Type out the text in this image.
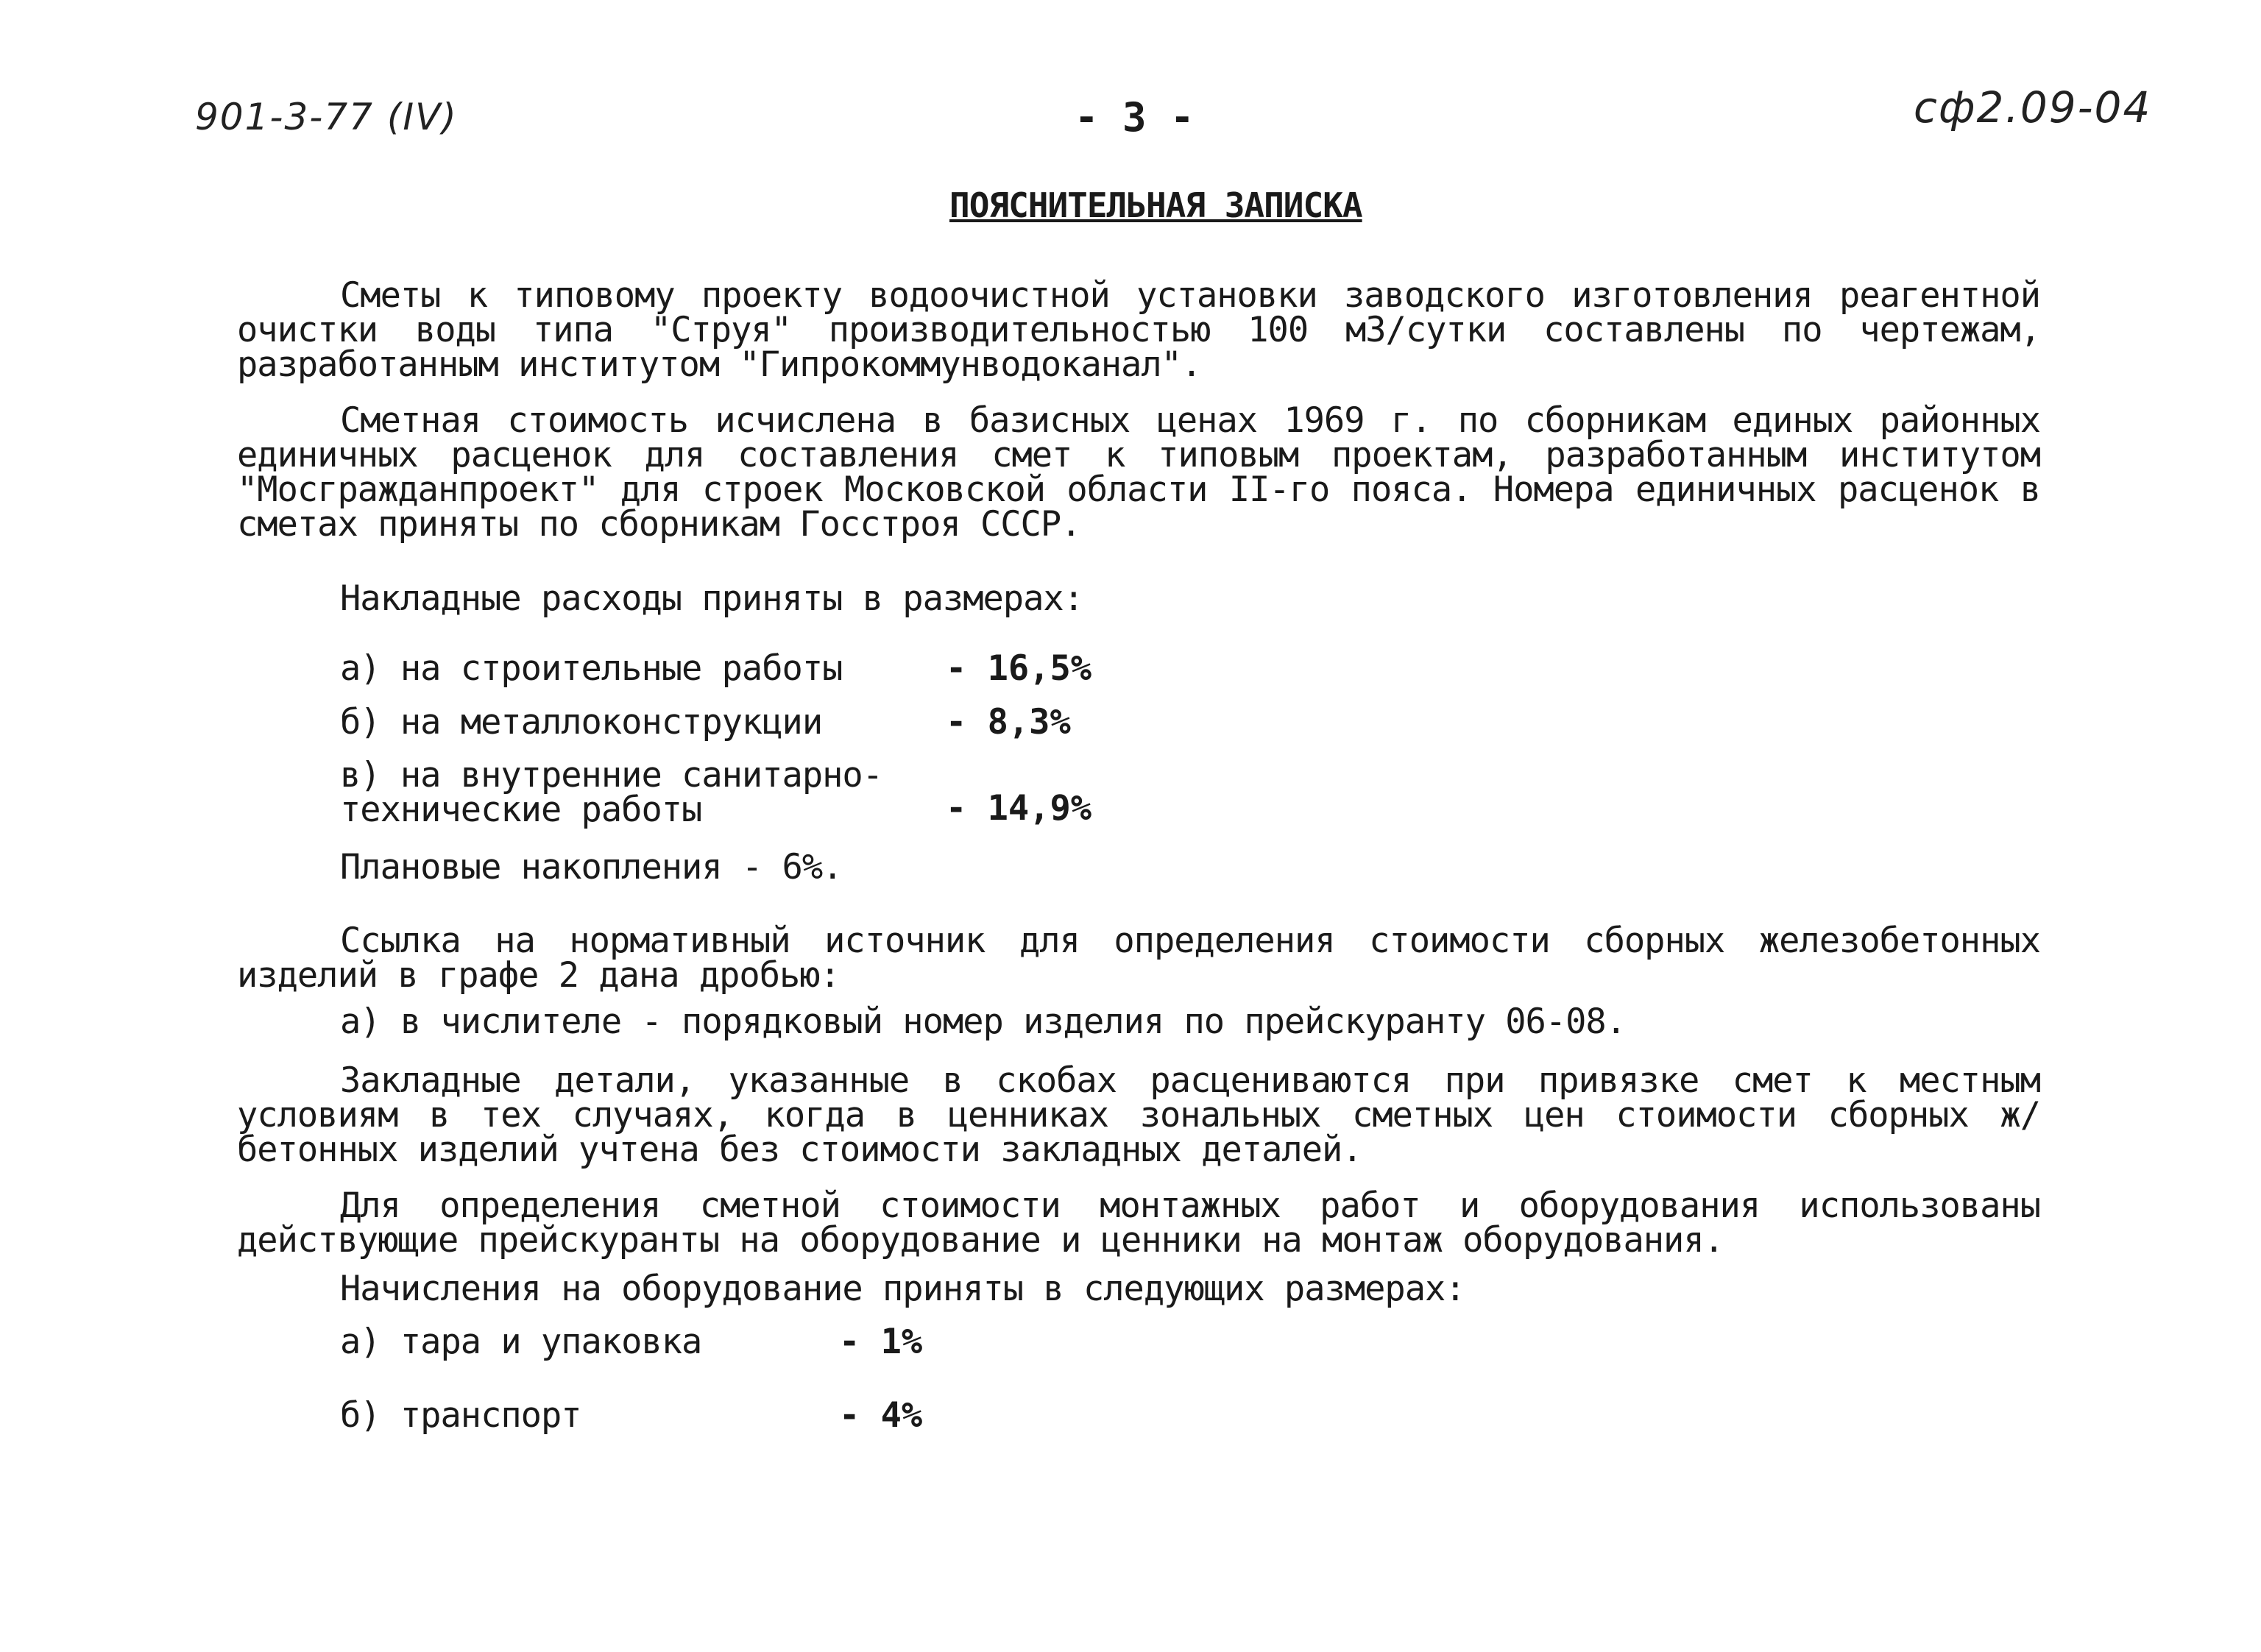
901-3-77 (IV)	- 3 -	сф2.09-04
ПОЯСНИТЕЛЬНАЯ ЗАПИСКА
Сметы к типовому проекту водоочистной установки заводского изготовления реагентной очистки воды типа "Струя" производительностью 100 м3/сутки составлены по чертежам, разработанным институтом "Гипрокоммунводоканал".
Сметная стоимость исчислена в базисных ценах 1969 г. по сборникам единых районных единичных расценок для составления смет к типовым проектам, разработанным институтом "Мосгражданпроект" для строек Московской области II-го пояса. Номера единичных расценок в сметах приняты по сборникам Госстроя СССР.
Накладные расходы приняты в размерах:
а) на строительные работы	- 16,5%
б) на металлоконструкции	- 8,3%
в) на внутренние санитарно-технические работы	- 14,9%
Плановые накопления - 6%.
Ссылка на нормативный источник для определения стоимости сборных железобетонных изделий в графе 2 дана дробью:
а) в числителе - порядковый номер изделия по прейскуранту 06-08.
Закладные детали, указанные в скобах расцениваются при привязке смет к местным условиям в тех случаях, когда в ценниках зональных сметных цен стоимости сборных ж/бетонных изделий учтена без стоимости закладных деталей.
Для определения сметной стоимости монтажных работ и оборудования использованы действующие прейскуранты на оборудование и ценники на монтаж оборудования.
Начисления на оборудование приняты в следующих размерах:
а) тара и упаковка	- 1%
б) транспорт	- 4%
